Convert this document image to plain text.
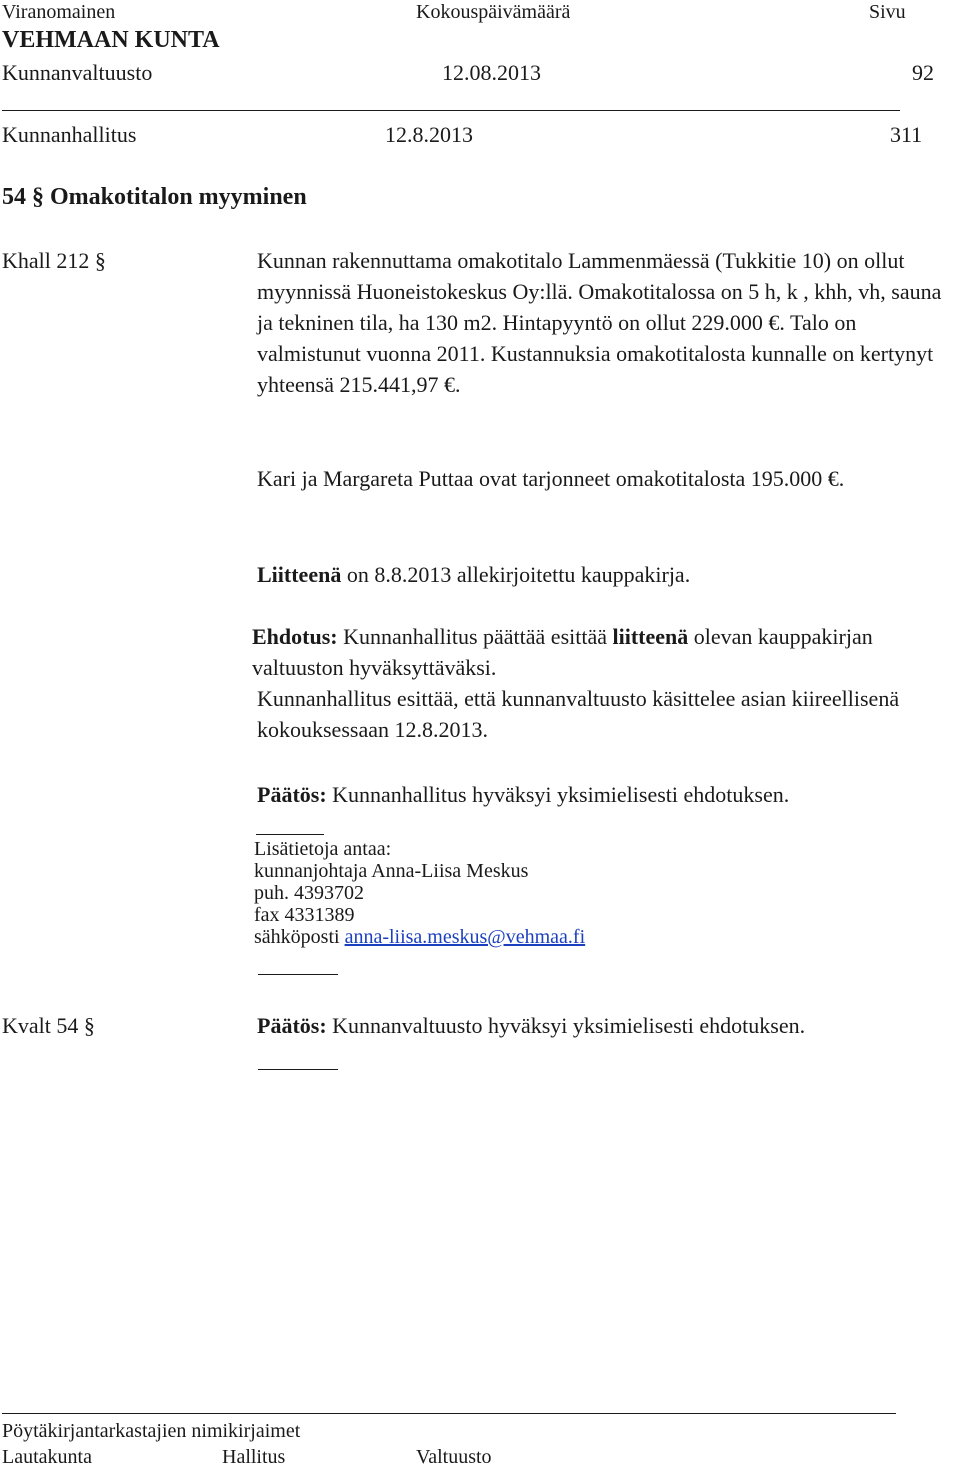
Viranomainen	Kokouspäivämäärä	Sivu
VEHMAAN KUNTA
Kunnanvaltuusto	12.08.2013	92
Kunnanhallitus	12.8.2013	311
54 § Omakotitalon myyminen
Khall 212 §	Kunnan rakennuttama omakotitalo Lammenmäessä (Tukkitie 10) on ollut myynnissä Huoneistokeskus Oy:llä. Omakotitalossa on 5 h, k , khh, vh, sauna ja tekninen tila, ha 130 m2. Hintapyyntö on ollut 229.000 €. Talo on valmistunut vuonna 2011. Kustannuksia omakotitalosta kunnalle on kertynyt yhteensä 215.441,97 €.

Kari ja Margareta Puttaa ovat tarjonneet omakotitalosta 195.000 €.

Liitteenä on 8.8.2013 allekirjoitettu kauppakirja.

Ehdotus: Kunnanhallitus päättää esittää liitteenä olevan kauppakirjan valtuuston hyväksyttäväksi.

Kunnanhallitus esittää, että kunnanvaltuusto käsittelee asian kiireellisenä kokouksessaan 12.8.2013.

Päätös: Kunnanhallitus hyväksyi yksimielisesti ehdotuksen.

Lisätietoja antaa:
kunnanjohtaja Anna-Liisa Meskus
puh. 4393702
fax 4331389
sähköposti anna-liisa.meskus@vehmaa.fi
Kvalt 54 §	Päätös: Kunnanvaltuusto hyväksyi yksimielisesti ehdotuksen.

Pöytäkirjantarkastajien nimikirjaimet
Lautakunta	Hallitus	Valtuusto
